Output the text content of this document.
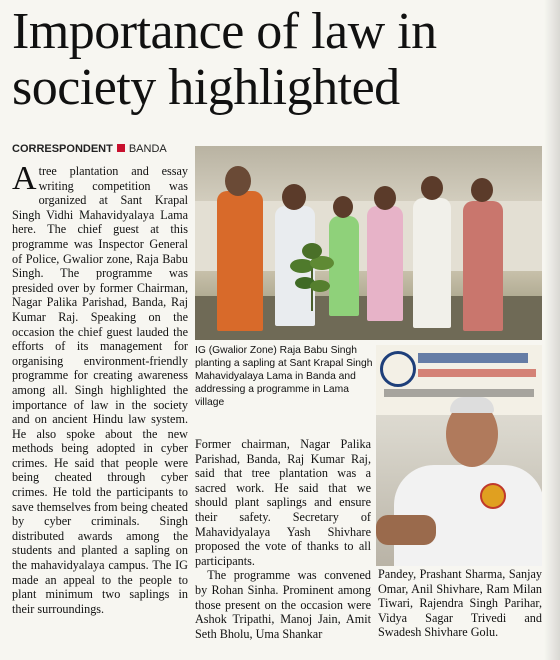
Importance of law in society highlighted
CORRESPONDENT BANDA
Atree plantation and essay writing competition was organized at Sant Krapal Singh Vidhi Mahavidyalaya Lama here. The chief guest at this programme was Inspector General of Police, Gwalior zone, Raja Babu Singh. The programme was presided over by former Chairman, Nagar Palika Parishad, Banda, Raj Kumar Raj. Speaking on the occasion the chief guest lauded the efforts of its management for organising environment-friendly programme for creating awareness among all. Singh highlighted the importance of law in the society and on ancient Hindu law system. He also spoke about the new methods being adopted in cyber crimes. He said that people were being cheated through cyber crimes. He told the participants to save themselves from being cheated by cyber criminals. Singh distributed awards among the students and planted a sapling on the mahavidyalaya campus. The IG made an appeal to the people to plant minimum two saplings in their surroundings.
IG (Gwalior Zone) Raja Babu Singh planting a sapling at Sant Krapal Singh Mahavidyalaya Lama in Banda and addressing a programme in Lama village

Former chairman, Nagar Palika Parishad, Banda, Raj Kumar Raj, said that tree plantation was a sacred work. He said that we should plant saplings and ensure their safety. Secretary of Mahavidyalaya Yash Shivhare proposed the vote of thanks to all participants.

The programme was convened by Rohan Sinha. Prominent among those present on the occasion were Ashok Tripathi, Manoj Jain, Amit Seth Bholu, Uma Shankar

Pandey, Prashant Sharma, Sanjay Omar, Anil Shivhare, Ram Milan Tiwari, Rajendra Singh Parihar, Vidya Sagar Trivedi and Swadesh Shivhare Golu.
